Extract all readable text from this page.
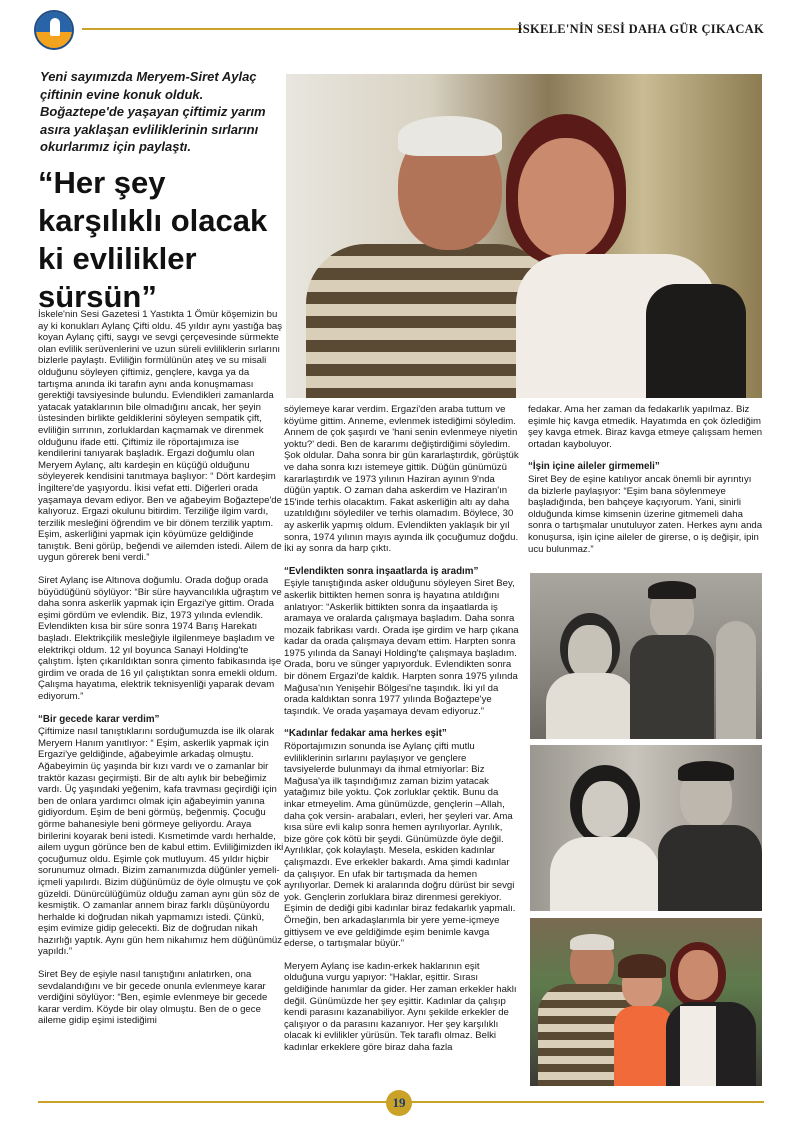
İSKELE'NİN SESİ DAHA GÜR ÇIKACAK
Yeni sayımızda Meryem-Siret Aylaç çiftinin evine konuk olduk. Boğaztepe'de yaşayan çiftimiz yarım asıra yaklaşan evliliklerinin sırlarını okurlarımız için paylaştı.
“Her şey karşılıklı olacak ki evlilikler sürsün”

İskele'nin Sesi Gazetesi 1 Yastıkta 1 Ömür köşemizin bu ay ki konukları Aylanç Çifti oldu. 45 yıldır aynı yastığa baş koyan Aylanç çifti, saygı ve sevgi çerçevesinde sürmekte olan evlilik serüvenlerini ve uzun süreli evliliklerin sırlarını bizlerle paylaştı. Evliliğin formülünün ateş ve su misali olduğunu söyleyen çiftimiz, gençlere, kavga ya da tartışma anında iki tarafın aynı anda konuşmaması gerektiği tavsiyesinde bulundu. Evlendikleri zamanlarda yatacak yataklarının bile olmadığını ancak, her şeyin üstesinden birlikte geldiklerini söyleyen sempatik çift, evliliğin sırrının, zorluklardan kaçmamak ve direnmek olduğunu ifade etti. Çiftimiz ile röportajımıza ise kendilerini tanıyarak başladık. Ergazi doğumlu olan Meryem Aylanç, altı kardeşin en küçüğü olduğunu söyleyerek kendisini tanıtmaya başlıyor: “ Dört kardeşim İngiltere'de yaşıyordu. İkisi vefat etti. Diğerleri orada yaşamaya devam ediyor. Ben ve ağabeyim Boğaztepe'de kalıyoruz. Ergazi okulunu bitirdim. Terziliğe ilgim vardı, terzilik mesleğini öğrendim ve bir dönem terzilik yaptım. Eşim, askerliğini yapmak için köyümüze geldiğinde tanıştık. Beni görüp, beğendi ve ailemden istedi. Ailem de uygun görerek beni verdi.”

Siret Aylanç ise Altınova doğumlu. Orada doğup orada büyüdüğünü söylüyor: “Bir süre hayvancılıkla uğraştım ve daha sonra askerlik yapmak için Ergazi'ye gittim. Orada eşimi gördüm ve evlendik. Biz, 1973 yılında evlendik. Evlendikten kısa bir süre sonra 1974 Barış Harekatı başladı. Elektrikçilik mesleğiyle ilgilenmeye başladım ve elektrikçi oldum. 12 yıl boyunca Sanayi Holding'te çalıştım. İşten çıkarıldıktan sonra çimento fabikasında işe girdim ve orada de 16 yıl çalıştıktan sonra emekli oldum. Çalışma hayatıma, elektrik teknisyenliği yaparak devam ediyorum.”

“Bir gecede karar verdim”

Çiftimize nasıl tanıştıklarını sorduğumuzda ise ilk olarak Meryem Hanım yanıtlıyor: “ Eşim, askerlik yapmak için Ergazi'ye geldiğinde, ağabeyimle arkadaş olmuştu. Ağabeyimin üç yaşında bir kızı vardı ve o zamanlar bir traktör kazası geçirmişti. Bir de altı aylık bir bebeğimiz vardı. Üç yaşındaki yeğenim, kafa travması geçirdiği için ben de onlara yardımcı olmak için ağabeyimin yanına gidiyordum. Eşim de beni görmüş, beğenmiş. Çocuğu görme bahanesiyle beni görmeye geliyordu. Araya birilerini koyarak beni istedi. Kısmetimde vardı herhalde, ailem uygun görünce ben de kabul ettim. Evliliğimizden iki çocuğumuz oldu. Eşimle çok mutluyum. 45 yıldır hiçbir sorunumuz olmadı. Bizim zamanımızda düğünler yemeli-içmeli yapılırdı. Bizim düğünümüz de öyle olmuştu ve çok güzeldi. Dünürcülüğümüz olduğu zaman aynı gün söz de kesmiştik. O zamanlar annem biraz farklı düşünüyordu herhalde ki doğrudan nikah yapmamızı istedi. Çünkü, eşim evimize gidip gelecekti. Biz de doğrudan nikah hazırlığı yaptık. Aynı gün hem nikahımız hem düğünümüz yapıldı.”

Siret Bey de eşiyle nasıl tanıştığını anlatırken, ona sevdalandığını ve bir gecede onunla evlenmeye karar verdiğini söylüyor: “Ben, eşimle evlenmeye bir gecede karar verdim. Köyde bir olay olmuştu. Ben de o gece aileme gidip eşimi istediğimi

söylemeye karar verdim. Ergazi'den araba tuttum ve köyüme gittim. Anneme, evlenmek istediğimi söyledim. Annem de çok şaşırdı ve 'hani senin evlenmeye niyetin yoktu?' dedi. Ben de kararımı değiştirdiğimi söyledim. Şok oldular. Daha sonra bir gün kararlaştırdık, görüştük ve daha sonra kızı istemeye gittik. Düğün günümüzü kararlaştırdık ve 1973 yılının Haziran ayının 9'nda düğün yaptık. O zaman daha askerdim ve Haziran'ın 15'inde terhis olacaktım. Fakat askerliğin altı ay daha uzatıldığını söylediler ve terhis olamadım. Böylece, 30 ay askerlik yapmış oldum. Evlendikten yaklaşık bir yıl sonra, 1974 yılının mayıs ayında ilk çocuğumuz doğdu. İki ay sonra da harp çıktı.

“Evlendikten sonra inşaatlarda iş aradım”

Eşiyle tanıştığında asker olduğunu söyleyen Siret Bey, askerlik bittikten hemen sonra iş hayatına atıldığını anlatıyor: “Askerlik bittikten sonra da inşaatlarda iş aramaya ve oralarda çalışmaya başladım. Daha sonra mozaik fabrikası vardı. Orada işe girdim ve harp çıkana kadar da orada çalışmaya devam ettim. Harpten sonra 1975 yılında da Sanayi Holding'te çalışmaya başladım. Orada, boru ve sünger yapıyorduk. Evlendikten sonra bir dönem Ergazi'de kaldık. Harpten sonra 1975 yılında Mağusa'nın Yenişehir Bölgesi'ne taşındık. İki yıl da orada kaldıktan sonra 1977 yılında Boğaztepe'ye taşındık. Ve orada yaşamaya devam ediyoruz.”

“Kadınlar fedakar ama herkes eşit”

Röportajımızın sonunda ise Aylanç çifti mutlu evliliklerinin sırlarını paylaşıyor ve gençlere tavsiyelerde bulunmayı da ihmal etmiyorlar: Biz Mağusa'ya ilk taşındığımız zaman bizim yatacak yatağımız bile yoktu. Çok zorluklar çektik. Bunu da inkar etmeyelim. Ama günümüzde, gençlerin –Allah, daha çok versin- arabaları, evleri, her şeyleri var. Ama kısa süre evli kalıp sonra hemen ayrılıyorlar. Ayrılık, bize göre çok kötü bir şeydi. Günümüzde öyle değil. Ayrılıklar, çok kolaylaştı. Mesela, eskiden kadınlar çalışmazdı. Eve erkekler bakardı. Ama şimdi kadınlar da çalışıyor. En ufak bir tartışmada da hemen ayrılıyorlar. Demek ki aralarında doğru dürüst bir sevgi yok. Gençlerin zorluklara biraz direnmesi gerekiyor. Eşimin de dediği gibi kadınlar biraz fedakarlık yapmalı. Örneğin, ben arkadaşlarımla bir yere yeme-içmeye gittiysem ve eve geldiğimde eşim benimle kavga ederse, o tartışmalar büyür.”

Meryem Aylanç ise kadın-erkek haklarının eşit olduğuna vurgu yapıyor: “Haklar, eşittir. Sırası geldiğinde hanımlar da gider. Her zaman erkekler haklı değil. Günümüzde her şey eşittir. Kadınlar da çalışıp kendi parasını kazanabiliyor. Aynı şekilde erkekler de çalışıyor o da parasını kazanıyor. Her şey karşılıklı olacak ki evlilikler yürüsün. Tek taraflı olmaz. Belki kadınlar erkeklere göre biraz daha fazla

fedakar. Ama her zaman da fedakarlık yapılmaz. Biz eşimle hiç kavga etmedik. Hayatımda en çok özlediğim şey kavga etmek. Biraz kavga etmeye çalışsam hemen ortadan kayboluyor.

“İşin içine aileler girmemeli”

Siret Bey de eşine katılıyor ancak önemli bir ayrıntıyı da bizlerle paylaşıyor: “Eşim bana söylenmeye başladığında, ben bahçeye kaçıyorum. Yani, sinirli olduğunda kimse kimsenin üzerine gitmemeli daha sonra o tartışmalar unutuluyor zaten. Herkes aynı anda konuşursa, işin içine aileler de girerse, o iş değişir, ipin ucu bulunmaz.”

19
